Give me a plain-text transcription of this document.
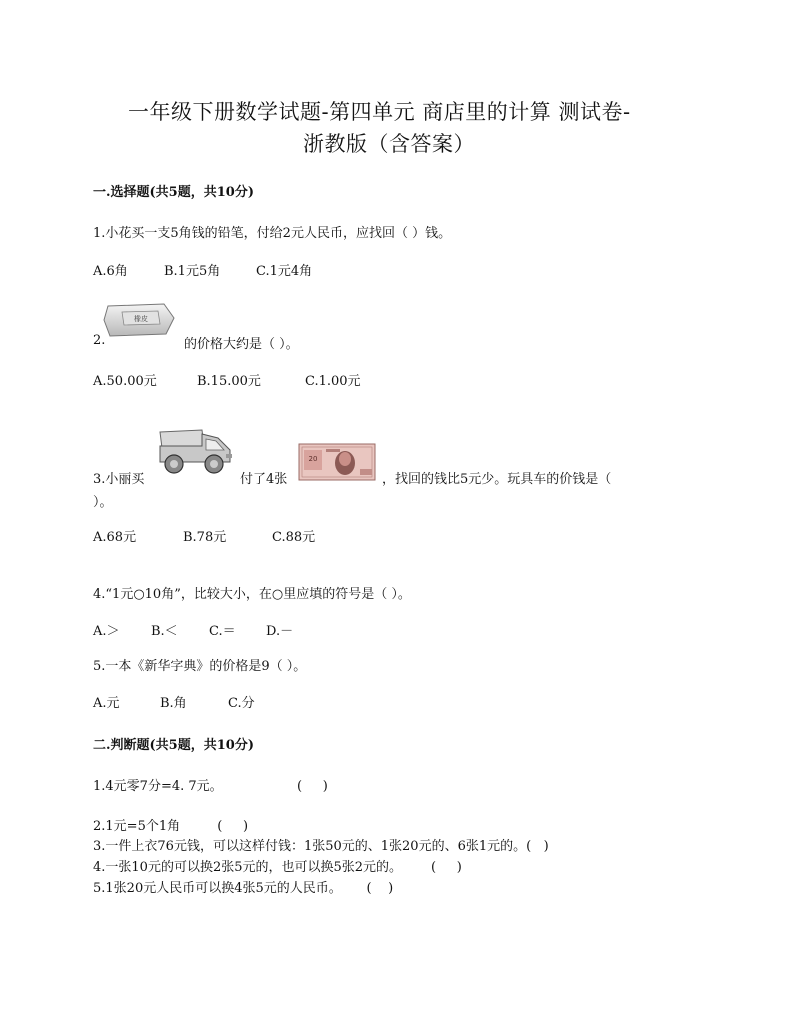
一年级下册数学试题-第四单元 商店里的计算 测试卷-
浙教版（含答案）
一.选择题(共5题，共10分)
1.小花买一支5角钱的铅笔，付给2元人民币，应找回（ ）钱。
A.6角	B.1元5角	C.1元4角
2.
橡皮
的价格大约是（ ）。
A.50.00元	B.15.00元	C.1.00元
3.小丽买	付了4张
20
，找回的钱比5元少。玩具车的价钱是（
）。
A.68元	B.78元	C.88元
4.“1元○10角”，比较大小，在○里应填的符号是（ ）。
A.＞ B.＜ C.＝ D.－
5.一本《新华字典》的价格是9（ ）。
A.元	B.角	C.分
二.判断题(共5题，共10分)
1.4元零7分=4. 7元。                  (     )
2.1元=5个1角         (     )
3.一件上衣76元钱，可以这样付钱：1张50元的、1张20元的、6张1元的。(   )
4.一张10元的可以换2张5元的，也可以换5张2元的。       (     )
5.1张20元人民币可以换4张5元的人民币。      (    )
